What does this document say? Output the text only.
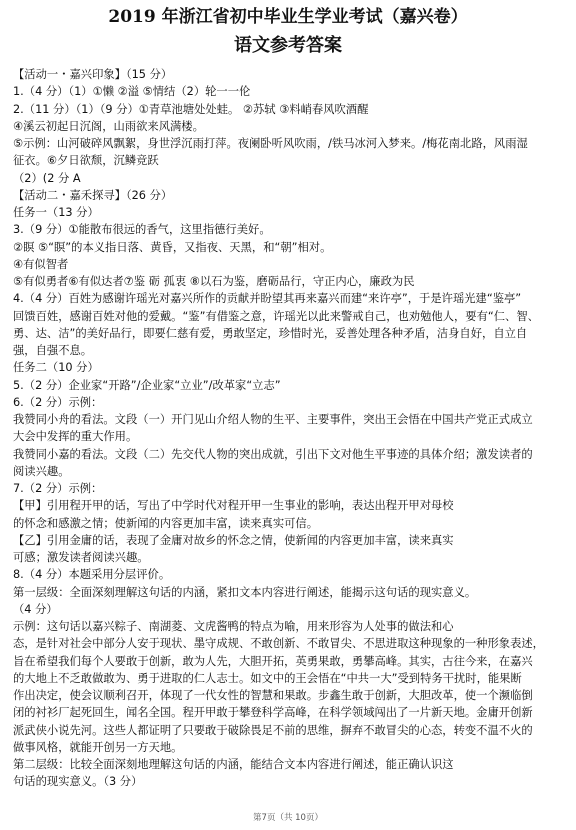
2019 年浙江省初中毕业生学业考试（嘉兴卷）
语文参考答案
【活动一・嘉兴印象】（15 分）
1.（4 分）（1）①懒 ②溢 ⑤情结（2）轮一一伦
2.（11 分）（1）（9 分）①青草池塘处处蛙。 ②苏轼 ③料峭春风吹酒醒
④溪云初起日沉阁，山雨欲来风满楼。
⑤示例：山河破碎风飘絮，身世浮沉雨打萍。夜阑卧听风吹雨，/铁马冰河入梦来。/梅花南北路，风雨湿
征衣。⑥夕日欲颓，沉鳞竞跃
（2）(2 分 A
【活动二・嘉禾探寻】（26 分）
任务一（13 分）
3.（9 分）①能散布很远的香气，这里指德行美好。
②瞑 ⑤“瞑”的本义指日落、黄昏，又指夜、天黑，和“朝”相对。
④有似智者
⑤有似勇者⑥有似达者⑦鉴 砺 孤衷 ⑧以石为鉴，磨砺品行，守正内心，廉政为民
4.（4 分）百姓为感谢许瑶光对嘉兴所作的贡献并盼望其再来嘉兴而建“来许亭”，于是许瑶光建“鉴亭”
回馈百姓，感谢百姓对他的爱戴。“鉴”有借鉴之意，许瑶光以此来警戒自己，也劝勉他人，要有“仁、智、
勇、达、洁”的美好品行，即要仁慈有爱，勇敢坚定，珍惜时光，妥善处理各种矛盾，洁身自好，自立自
强，自强不息。
任务二（10 分）
5.（2 分）企业家“开路”/企业家“立业”/改革家“立志”
6.（2 分）示例：
我赞同小舟的看法。文段（一）开门见山介绍人物的生平、主要事件，突出王会悟在中国共产党正式成立
大会中发挥的重大作用。
我赞同小嘉的看法。文段（二）先交代人物的突出成就，引出下文对他生平事迹的具体介绍；激发读者的
阅读兴趣。
7.（2 分）示例：
【甲】引用程开甲的话，写出了中学时代对程开甲一生事业的影响，表达出程开甲对母校
的怀念和感激之情；使新闻的内容更加丰富，读来真实可信。
【乙】引用金庸的话，表现了金庸对故乡的怀念之情，使新闻的内容更加丰富，读来真实
可感；激发读者阅读兴趣。
8.（4 分）本题采用分层评价。
第一层级：全面深刻理解这句话的内涵，紧扣文本内容进行阐述，能揭示这句话的现实意义。
（4 分）
示例：这句话以嘉兴粽子、南湖菱、文虎酱鸭的特点为喻，用来形容为人处事的做法和心
态，是针对社会中部分人安于现状、墨守成规、不敢创新、不敢冒尖、不思进取这种现象的一种形象表述，
旨在希望我们每个人要敢于创新，敢为人先，大胆开拓，英勇果敢，勇攀高峰。其实，古往今来，在嘉兴
的大地上不乏敢做敢为、勇于进取的仁人志士。如文中的王会悟在“中共一大”受到特务干扰时，能果断
作出决定，使会议顺利召开，体现了一代女性的智慧和果敢。步鑫生敢于创新，大胆改革，使一个濒临倒
闭的衬衫厂起死回生，闻名全国。程开甲敢于攀登科学高峰，在科学领域闯出了一片新天地。金庸开创新
派武侠小说先河。这些人都证明了只要敢于破除畏足不前的思维，摒弃不敢冒尖的心态，转变不温不火的
做事风格，就能开创另一方天地。
第二层级：比较全面深刻地理解这句话的内涵，能结合文本内容进行阐述，能正确认识这
句话的现实意义。（3 分）
第7页（共 10页）
